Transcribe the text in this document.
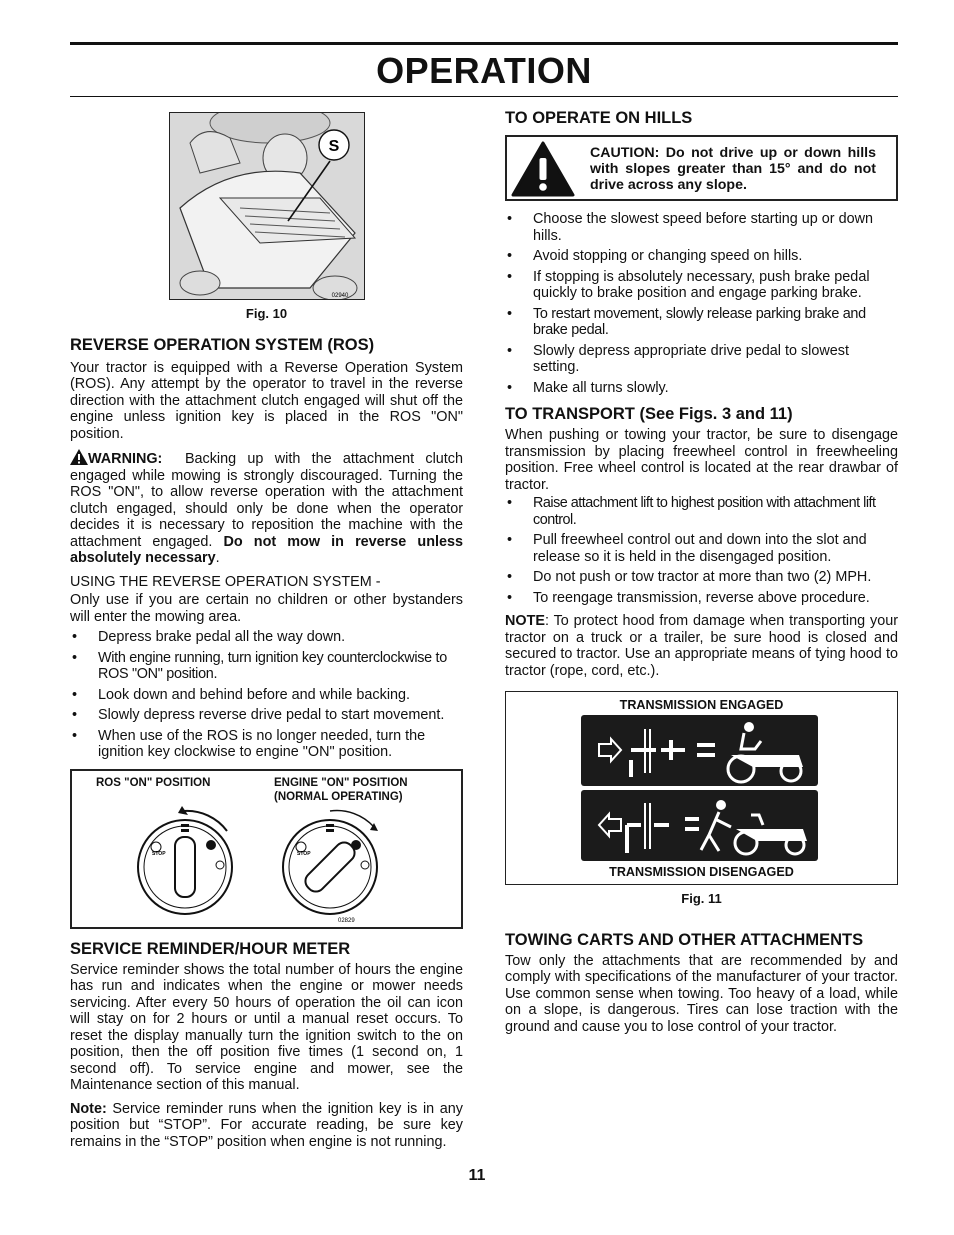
OPERATION
S
02940
Fig. 10
REVERSE OPERATION SYSTEM (ROS)

Your tractor is equipped with a Reverse Operation System (ROS). Any attempt by the operator to travel in the reverse direction with the attachment clutch engaged will shut off the engine unless ignition key is placed in the ROS "ON" position.

WARNING: Backing up with the attachment clutch engaged while mowing is strongly discouraged. Turning the ROS "ON", to allow reverse operation with the attachment clutch engaged, should only be done when the operator decides it is necessary to reposition the machine with the attachment engaged. Do not mow in reverse unless absolutely necessary.

USING THE REVERSE OPERATION SYSTEM -
Only use if you are certain no children or other bystanders will enter the mowing area.
• Depress brake pedal all the way down.
• With engine running, turn ignition key counterclockwise to ROS "ON" position.
• Look down and behind before and while backing.
• Slowly depress reverse drive pedal to start movement.
• When use of the ROS is no longer needed, turn the ignition key clockwise to engine "ON" position.
ROS "ON" POSITION	ENGINE "ON" POSITION
(NORMAL OPERATING)
STOP	STOP
02829
SERVICE REMINDER/HOUR METER

Service reminder shows the total number of hours the engine has run and indicates when the engine or mower needs servicing. After every 50 hours of operation the oil can icon will stay on for 2 hours or until a manual reset occurs. To reset the display manually turn the ignition switch to the on position, then the off position five times (1 second on, 1 second off). To service engine and mower, see the Maintenance section of this manual.

Note: Service reminder runs when the ignition key is in any position but “STOP”. For accurate reading, be sure key remains in the “STOP” position when engine is not running.

TO OPERATE ON HILLS
CAUTION: Do not drive up or down hills with slopes greater than 15° and do not drive across any slope.
• Choose the slowest speed before starting up or down hills.
• Avoid stopping or changing speed on hills.
• If stopping is absolutely necessary, push brake pedal quickly to brake position and engage parking brake.
• To restart movement, slowly release parking brake and brake pedal.
• Slowly depress appropriate drive pedal to slowest setting.
• Make all turns slowly.
TO TRANSPORT (See Figs. 3 and 11)

When pushing or towing your tractor, be sure to disengage transmission by placing freewheel control in freewheeling position. Free wheel control is located at the rear drawbar of tractor.

• Raise attachment lift to highest position with attachment lift control.
• Pull freewheel control out and down into the slot and release so it is held in the disengaged position.
• Do not push or tow tractor at more than two (2) MPH.
• To reengage transmission, reverse above procedure.

NOTE: To protect hood from damage when transporting your tractor on a truck or a trailer, be sure hood is closed and secured to tractor. Use an appropriate means of tying hood to tractor (rope, cord, etc.).

TRANSMISSION ENGAGED
TRANSMISSION DISENGAGED
Fig. 11
TOWING CARTS AND OTHER ATTACHMENTS

Tow only the attachments that are recommended by and comply with specifications of the manufacturer of your tractor. Use common sense when towing. Too heavy of a load, while on a slope, is dangerous. Tires can lose traction with the ground and cause you to lose control of your tractor.

11
